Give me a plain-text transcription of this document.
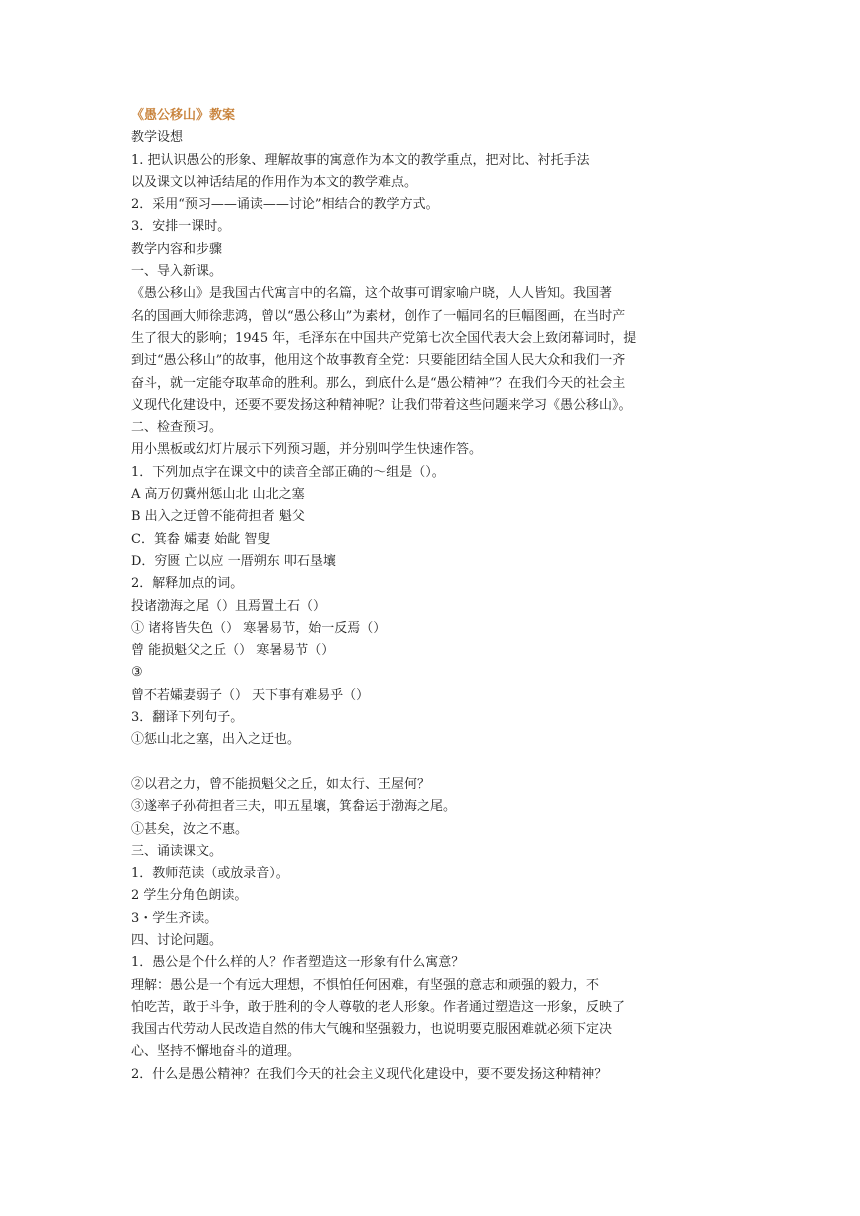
《愚公移山》教案
教学设想
1. 把认识愚公的形象、理解故事的寓意作为本文的教学重点，把对比、衬托手法
以及课文以神话结尾的作用作为本文的教学难点。
2．采用“预习——诵读——讨论”相结合的教学方式。
3．安排一课时。
教学内容和步骤
一、导入新课。
《愚公移山》是我国古代寓言中的名篇，这个故事可谓家喻户晓，人人皆知。我国著
名的国画大师徐悲鸿，曾以“愚公移山”为素材，创作了一幅同名的巨幅图画，在当时产
生了很大的影响；1945 年，毛泽东在中国共产党第七次全国代表大会上致闭幕词时，提
到过“愚公移山”的故事，他用这个故事教育全党：只要能团结全国人民大众和我们一齐
奋斗，就一定能夺取革命的胜利。那么，到底什么是“愚公精神”？在我们今天的社会主
义现代化建设中，还要不要发扬这种精神呢？让我们带着这些问题来学习《愚公移山》。
二、检查预习。
用小黑板或幻灯片展示下列预习题，并分别叫学生快速作答。
1．下列加点字在课文中的读音全部正确的～组是（）。
A 高万仞冀州惩山北 山北之塞
B 出入之迂曾不能荷担者 魁父
C．箕畚 孀妻 始龀 智叟
D．穷匮 亡以应 一厝朔东 叩石垦壤
2．解释加点的词。
投诸渤海之尾（）且焉置土石（）
① 诸将皆失色（） 寒暑易节，始一反焉（）
曾 能损魁父之丘（） 寒暑易节（）
③
曾不若孀妻弱子（） 天下事有难易乎（）
3．翻译下列句子。
①惩山北之塞，出入之迂也。
②以君之力，曾不能损魁父之丘，如太行、王屋何？
③遂率子孙荷担者三夫，叩五星壤，箕畚运于渤海之尾。
①甚矣，汝之不惠。
三、诵读课文。
1．教师范读（或放录音）。
2 学生分角色朗读。
3・学生齐读。
四、讨论问题。
1．愚公是个什么样的人？作者塑造这一形象有什么寓意？
理解：愚公是一个有远大理想，不惧怕任何困难，有坚强的意志和顽强的毅力，不
怕吃苦，敢于斗争，敢于胜利的令人尊敬的老人形象。作者通过塑造这一形象，反映了
我国古代劳动人民改造自然的伟大气魄和坚强毅力，也说明要克服困难就必须下定决
心、坚持不懈地奋斗的道理。
2．什么是愚公精神？在我们今天的社会主义现代化建设中，要不要发扬这种精神？
